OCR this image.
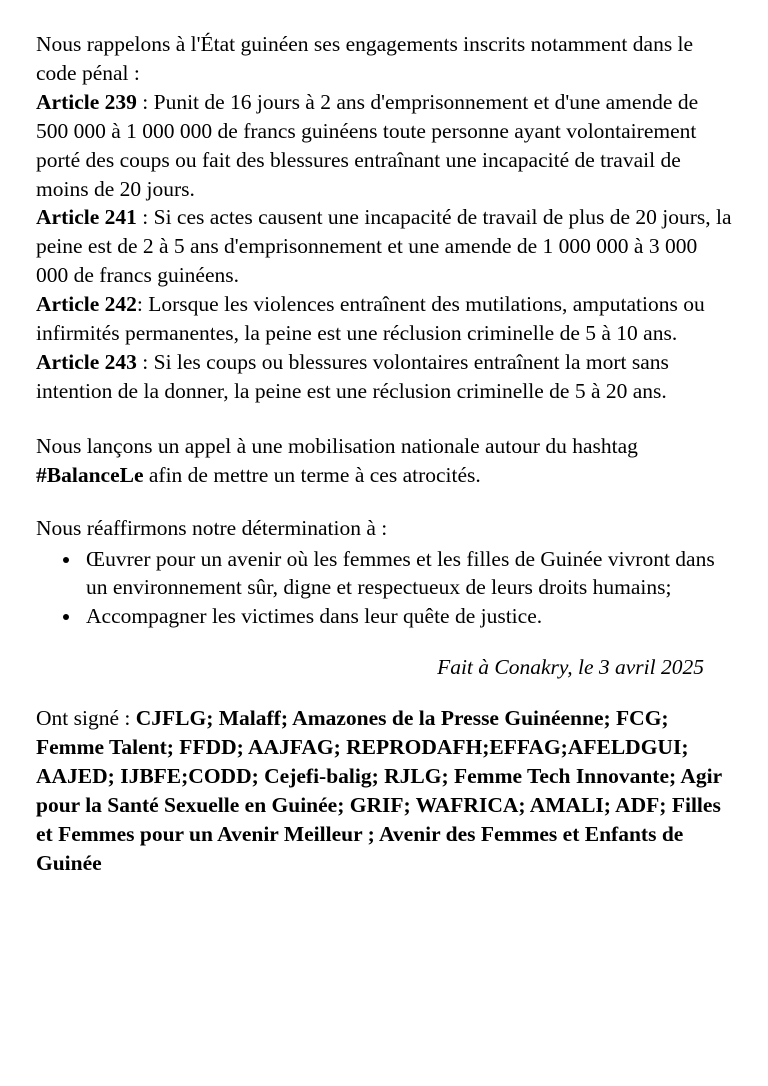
Nous rappelons à l'État guinéen ses engagements inscrits notamment dans le code pénal :

Article 239 : Punit de 16 jours à 2 ans d'emprisonnement et d'une amende de 500 000 à 1 000 000 de francs guinéens toute personne ayant volontairement porté des coups ou fait des blessures entraînant une incapacité de travail de moins de 20 jours.

Article 241 : Si ces actes causent une incapacité de travail de plus de 20 jours, la peine est de 2 à 5 ans d'emprisonnement et une amende de 1 000 000 à 3 000 000 de francs guinéens.

Article 242: Lorsque les violences entraînent des mutilations, amputations ou infirmités permanentes, la peine est une réclusion criminelle de 5 à 10 ans.

Article 243 : Si les coups ou blessures volontaires entraînent la mort sans intention de la donner, la peine est une réclusion criminelle de 5 à 20 ans.

Nous lançons un appel à une mobilisation nationale autour du hashtag #BalanceLe afin de mettre un terme à ces atrocités.

Nous réaffirmons notre détermination à :

• Œuvrer pour un avenir où les femmes et les filles de Guinée vivront dans un environnement sûr, digne et respectueux de leurs droits humains;
• Accompagner les victimes dans leur quête de justice.

Fait à Conakry, le 3 avril 2025

Ont signé : CJFLG; Malaff; Amazones de la Presse Guinéenne; FCG; Femme Talent; FFDD; AAJFAG; REPRODAFH;EFFAG;AFELDGUI; AAJED; IJBFE;CODD; Cejefi-balig; RJLG; Femme Tech Innovante; Agir pour la Santé Sexuelle en Guinée; GRIF; WAFRICA; AMALI; ADF; Filles et Femmes pour un Avenir Meilleur ; Avenir des Femmes et Enfants de Guinée
